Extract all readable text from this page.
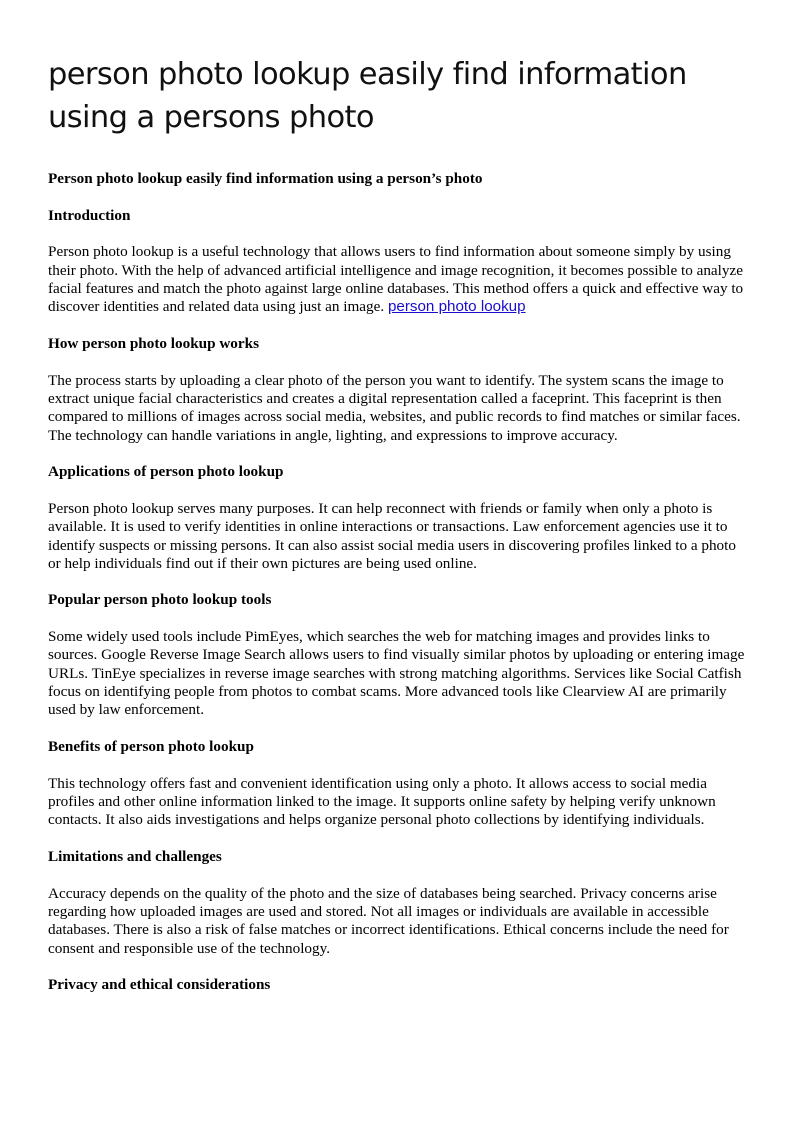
person photo lookup easily find information using a persons photo

Person photo lookup easily find information using a person’s photo

Introduction

Person photo lookup is a useful technology that allows users to find information about someone simply by using their photo. With the help of advanced artificial intelligence and image recognition, it becomes possible to analyze facial features and match the photo against large online databases. This method offers a quick and effective way to discover identities and related data using just an image. person photo lookup

How person photo lookup works

The process starts by uploading a clear photo of the person you want to identify. The system scans the image to extract unique facial characteristics and creates a digital representation called a faceprint. This faceprint is then compared to millions of images across social media, websites, and public records to find matches or similar faces. The technology can handle variations in angle, lighting, and expressions to improve accuracy.

Applications of person photo lookup

Person photo lookup serves many purposes. It can help reconnect with friends or family when only a photo is available. It is used to verify identities in online interactions or transactions. Law enforcement agencies use it to identify suspects or missing persons. It can also assist social media users in discovering profiles linked to a photo or help individuals find out if their own pictures are being used online.

Popular person photo lookup tools

Some widely used tools include PimEyes, which searches the web for matching images and provides links to sources. Google Reverse Image Search allows users to find visually similar photos by uploading or entering image URLs. TinEye specializes in reverse image searches with strong matching algorithms. Services like Social Catfish focus on identifying people from photos to combat scams. More advanced tools like Clearview AI are primarily used by law enforcement.

Benefits of person photo lookup

This technology offers fast and convenient identification using only a photo. It allows access to social media profiles and other online information linked to the image. It supports online safety by helping verify unknown contacts. It also aids investigations and helps organize personal photo collections by identifying individuals.

Limitations and challenges

Accuracy depends on the quality of the photo and the size of databases being searched. Privacy concerns arise regarding how uploaded images are used and stored. Not all images or individuals are available in accessible databases. There is also a risk of false matches or incorrect identifications. Ethical concerns include the need for consent and responsible use of the technology.

Privacy and ethical considerations
